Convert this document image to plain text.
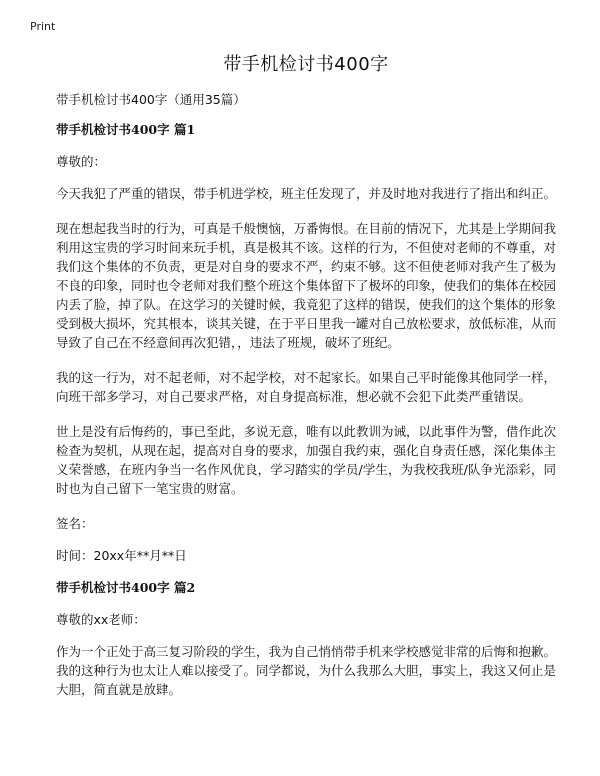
Print
带手机检讨书400字

带手机检讨书400字（通用35篇）

带手机检讨书400字 篇1

尊敬的：

今天我犯了严重的错误，带手机进学校，班主任发现了，并及时地对我进行了指出和纠正。

现在想起我当时的行为，可真是千般懊恼，万番悔恨。在目前的情况下，尤其是上学期间我利用这宝贵的学习时间来玩手机，真是极其不该。这样的行为，不但使对老师的不尊重，对我们这个集体的不负责，更是对自身的要求不严，约束不够。这不但使老师对我产生了极为不良的印象，同时也令老师对我们整个班这个集体留下了极坏的印象，使我们的集体在校园内丢了脸，掉了队。在这学习的关键时候，我竟犯了这样的错误，使我们的这个集体的形象受到极大损坏，究其根本，谈其关键，在于平日里我一罐对自己放松要求，放低标准，从而导致了自己在不经意间再次犯错，，违法了班规，破坏了班纪。

我的这一行为，对不起老师，对不起学校，对不起家长。如果自己平时能像其他同学一样，向班干部多学习，对自己要求严格，对自身提高标准，想必就不会犯下此类严重错误。

世上是没有后悔药的，事已至此，多说无意，唯有以此教训为诫，以此事件为警，借作此次检查为契机，从现在起，提高对自身的要求，加强自我约束，强化自身责任感，深化集体主义荣誉感，在班内争当一名作风优良，学习踏实的学员/学生，为我校我班/队争光添彩，同时也为自己留下一笔宝贵的财富。

签名：

时间：20xx年**月**日

带手机检讨书400字 篇2

尊敬的xx老师：

作为一个正处于高三复习阶段的学生，我为自己悄悄带手机来学校感觉非常的后悔和抱歉。我的这种行为也太让人难以接受了。同学都说，为什么我那么大胆，事实上，我这又何止是大胆，简直就是放肆。
